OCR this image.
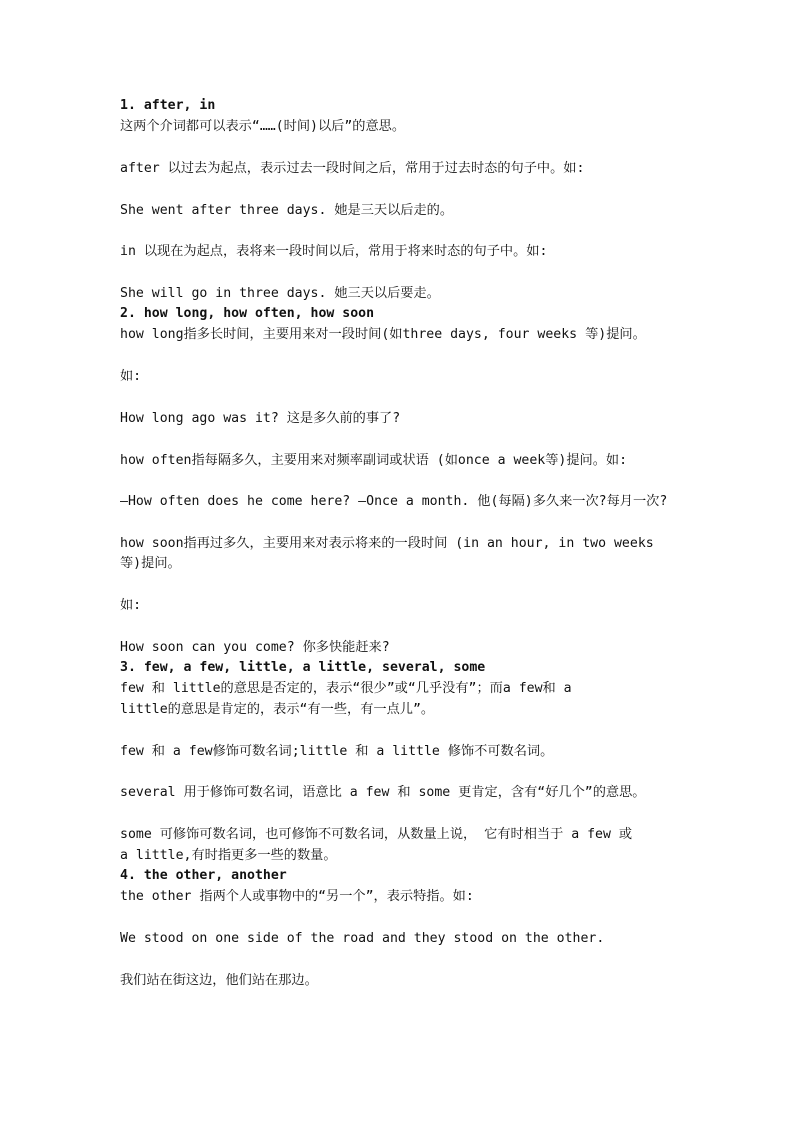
1. after, in
这两个介词都可以表示“……(时间)以后”的意思。
after 以过去为起点，表示过去一段时间之后，常用于过去时态的句子中。如:
She went after three days. 她是三天以后走的。
in 以现在为起点，表将来一段时间以后，常用于将来时态的句子中。如:
She will go in three days. 她三天以后要走。
2. how long, how often, how soon
how long指多长时间，主要用来对一段时间(如three days, four weeks 等)提问。
如:
How long ago was it? 这是多久前的事了?
how often指每隔多久，主要用来对频率副词或状语 (如once a week等)提问。如:
—How often does he come here? —Once a month. 他(每隔)多久来一次?每月一次?
how soon指再过多久，主要用来对表示将来的一段时间 (in an hour, in two weeks
等)提问。
如:
How soon can you come? 你多快能赶来?
3. few, a few, little, a little, several, some
few 和 little的意思是否定的，表示“很少”或“几乎没有”；而a few和 a
little的意思是肯定的，表示“有一些，有一点儿”。
few 和 a few修饰可数名词;little 和 a little 修饰不可数名词。
several 用于修饰可数名词，语意比 a few 和 some 更肯定，含有“好几个”的意思。
some 可修饰可数名词，也可修饰不可数名词，从数量上说， 它有时相当于 a few 或
a little,有时指更多一些的数量。
4. the other, another
the other 指两个人或事物中的“另一个”，表示特指。如:
We stood on one side of the road and they stood on the other.
我们站在街这边，他们站在那边。
